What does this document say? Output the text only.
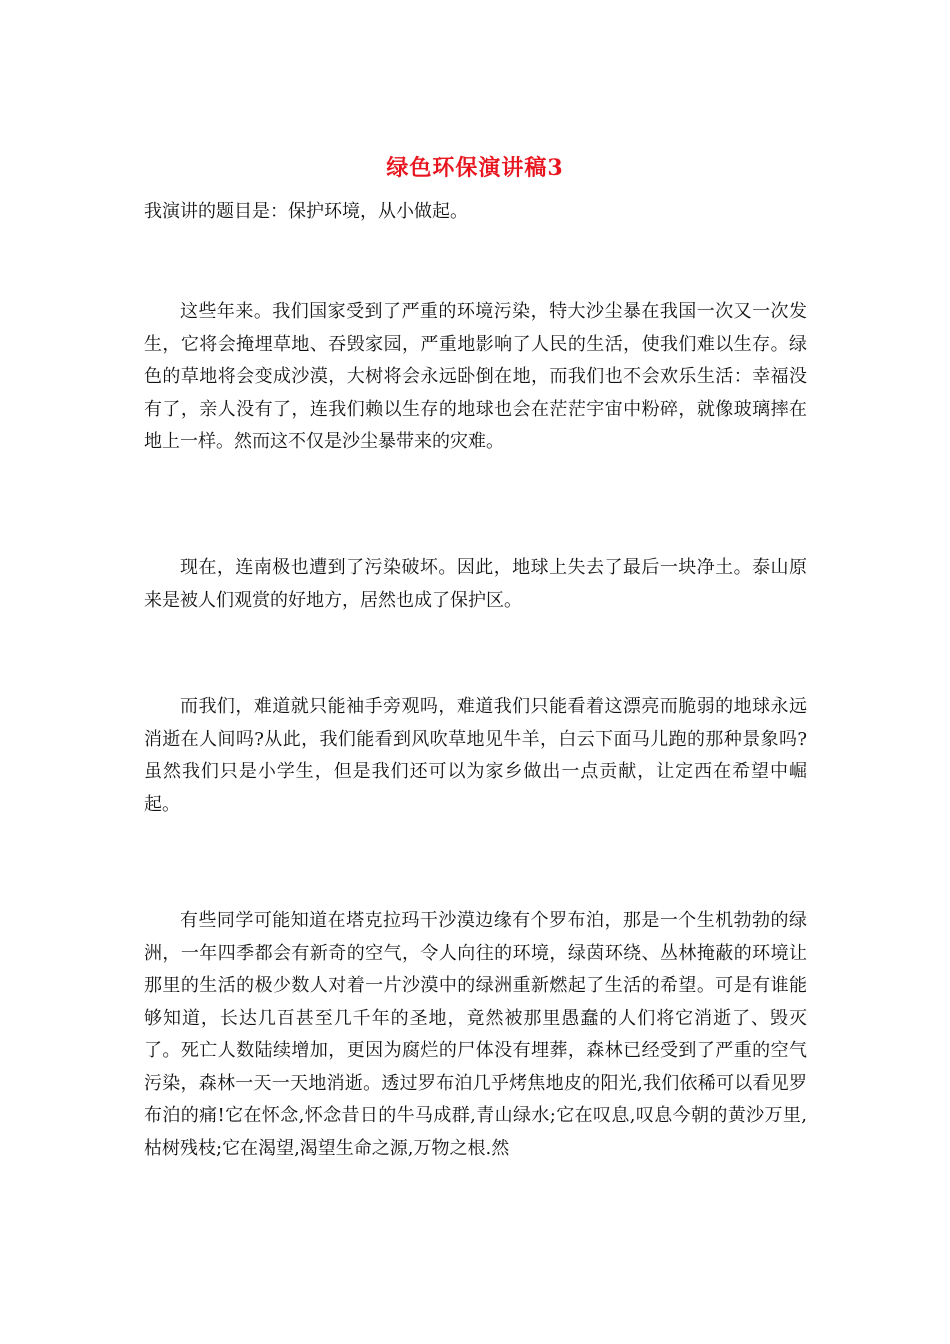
绿色环保演讲稿3
我演讲的题目是：保护环境，从小做起。

这些年来。我们国家受到了严重的环境污染，特大沙尘暴在我国一次又一次发生，它将会掩埋草地、吞毁家园，严重地影响了人民的生活，使我们难以生存。绿色的草地将会变成沙漠，大树将会永远卧倒在地，而我们也不会欢乐生活：幸福没有了，亲人没有了，连我们赖以生存的地球也会在茫茫宇宙中粉碎，就像玻璃摔在地上一样。然而这不仅是沙尘暴带来的灾难。

现在，连南极也遭到了污染破坏。因此，地球上失去了最后一块净土。泰山原来是被人们观赏的好地方，居然也成了保护区。

而我们，难道就只能袖手旁观吗，难道我们只能看着这漂亮而脆弱的地球永远消逝在人间吗?从此，我们能看到风吹草地见牛羊，白云下面马儿跑的那种景象吗?虽然我们只是小学生，但是我们还可以为家乡做出一点贡献，让定西在希望中崛起。

有些同学可能知道在塔克拉玛干沙漠边缘有个罗布泊，那是一个生机勃勃的绿洲，一年四季都会有新奇的空气，令人向往的环境，绿茵环绕、丛林掩蔽的环境让那里的生活的极少数人对着一片沙漠中的绿洲重新燃起了生活的希望。可是有谁能够知道，长达几百甚至几千年的圣地，竟然被那里愚蠢的人们将它消逝了、毁灭了。死亡人数陆续增加，更因为腐烂的尸体没有埋葬，森林已经受到了严重的空气污染，森林一天一天地消逝。透过罗布泊几乎烤焦地皮的阳光,我们依稀可以看见罗布泊的痛!它在怀念,怀念昔日的牛马成群,青山绿水;它在叹息,叹息今朝的黄沙万里,枯树残枝;它在渴望,渴望生命之源,万物之根.然
